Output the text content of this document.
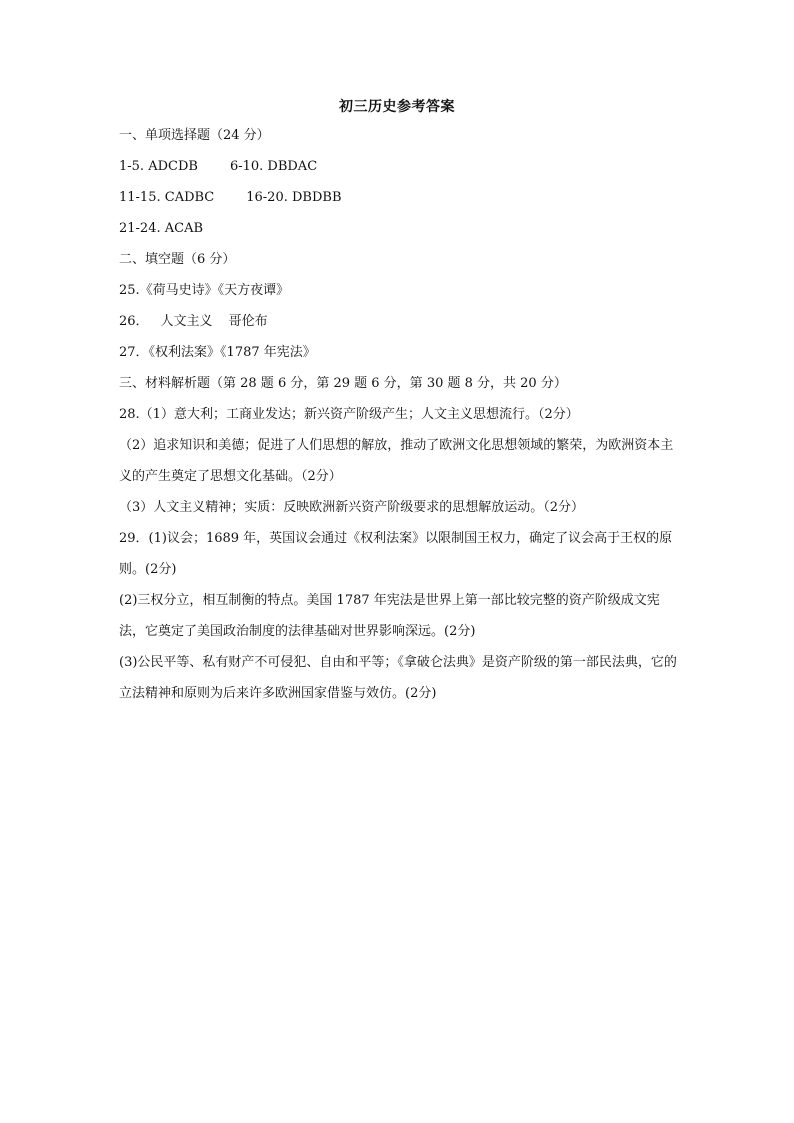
初三历史参考答案
一、单项选择题（24 分）
1-5. ADCDB 6-10. DBDAC
11-15. CADBC 16-20. DBDBB
21-24. ACAB
二、填空题（6 分）
25.《荷马史诗》《天方夜谭》
26． 人文主义 哥伦布
27．《权利法案》《1787 年宪法》
三、材料解析题（第 28 题 6 分，第 29 题 6 分，第 30 题 8 分，共 20 分）
28.（1）意大利；工商业发达；新兴资产阶级产生；人文主义思想流行。（2分）
（2）追求知识和美德；促进了人们思想的解放，推动了欧洲文化思想领域的繁荣，为欧洲资本主义的产生奠定了思想文化基础。（2分）
（3）人文主义精神；实质：反映欧洲新兴资产阶级要求的思想解放运动。（2分）
29．(1)议会；1689 年，英国议会通过《权利法案》以限制国王权力，确定了议会高于王权的原则。(2分)
(2)三权分立，相互制衡的特点。美国 1787 年宪法是世界上第一部比较完整的资产阶级成文宪法，它奠定了美国政治制度的法律基础对世界影响深远。(2分)
(3)公民平等、私有财产不可侵犯、自由和平等；《拿破仑法典》是资产阶级的第一部民法典，它的立法精神和原则为后来许多欧洲国家借鉴与效仿。(2分)
